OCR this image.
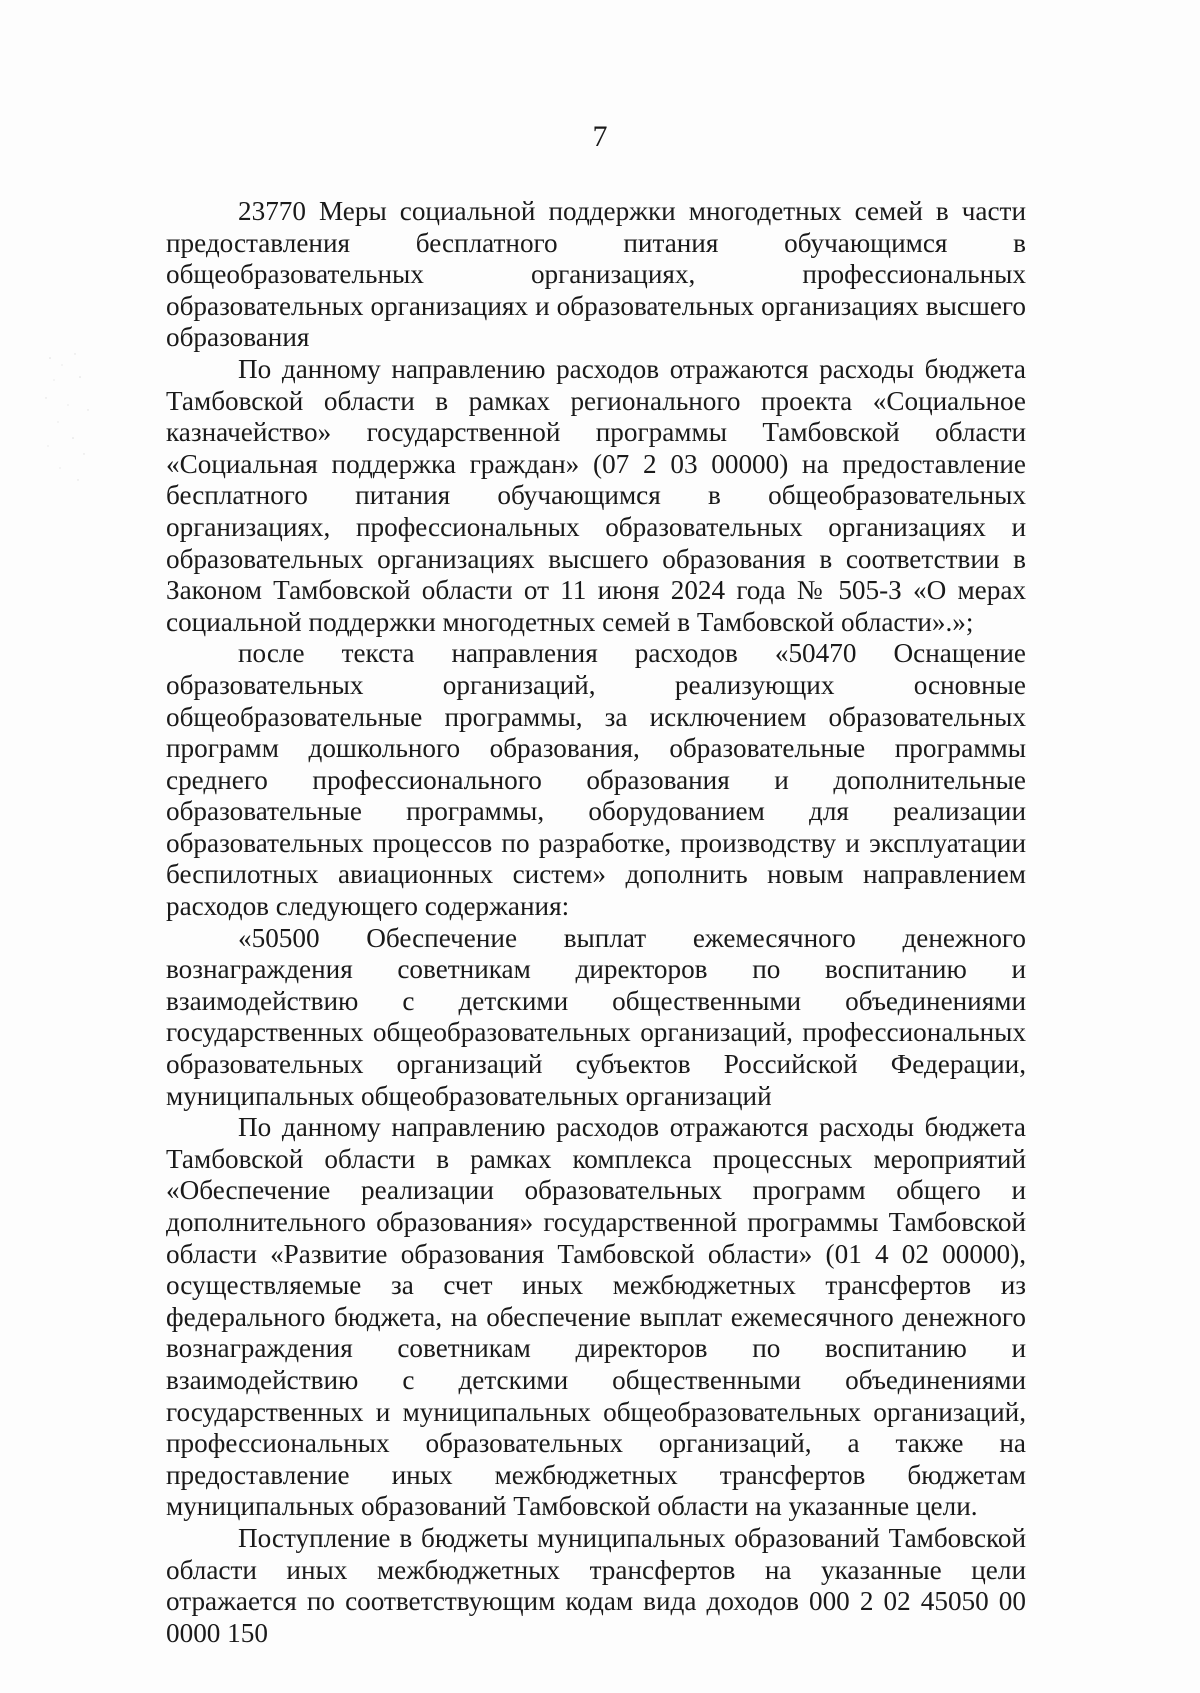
7

23770 Меры социальной поддержки многодетных семей в части предоставления бесплатного питания обучающимся в общеобразовательных организациях, профессиональных образовательных организациях и образовательных организациях высшего образования

По данному направлению расходов отражаются расходы бюджета Тамбовской области в рамках регионального проекта «Социальное казначейство» государственной программы Тамбовской области «Социальная поддержка граждан» (07 2 03 00000) на предоставление бесплатного питания обучающимся в общеобразовательных организациях, профессиональных образовательных организациях и образовательных организациях высшего образования в соответствии в Законом Тамбовской области от 11 июня 2024 года № 505-З «О мерах социальной поддержки многодетных семей в Тамбовской области».»;

после текста направления расходов «50470 Оснащение образовательных организаций, реализующих основные общеобразовательные программы, за исключением образовательных программ дошкольного образования, образовательные программы среднего профессионального образования и дополнительные образовательные программы, оборудованием для реализации образовательных процессов по разработке, производству и эксплуатации беспилотных авиационных систем» дополнить новым направлением расходов следующего содержания:

«50500 Обеспечение выплат ежемесячного денежного вознаграждения советникам директоров по воспитанию и взаимодействию с детскими общественными объединениями государственных общеобразовательных организаций, профессиональных образовательных организаций субъектов Российской Федерации, муниципальных общеобразовательных организаций

По данному направлению расходов отражаются расходы бюджета Тамбовской области в рамках комплекса процессных мероприятий «Обеспечение реализации образовательных программ общего и дополнительного образования» государственной программы Тамбовской области «Развитие образования Тамбовской области» (01 4 02 00000), осуществляемые за счет иных межбюджетных трансфертов из федерального бюджета, на обеспечение выплат ежемесячного денежного вознаграждения советникам директоров по воспитанию и взаимодействию с детскими общественными объединениями государственных и муниципальных общеобразовательных организаций, профессиональных образовательных организаций, а также на предоставление иных межбюджетных трансфертов бюджетам муниципальных образований Тамбовской области на указанные цели.

Поступление в бюджеты муниципальных образований Тамбовской области иных межбюджетных трансфертов на указанные цели отражается по соответствующим кодам вида доходов 000 2 02 45050 00 0000 150
